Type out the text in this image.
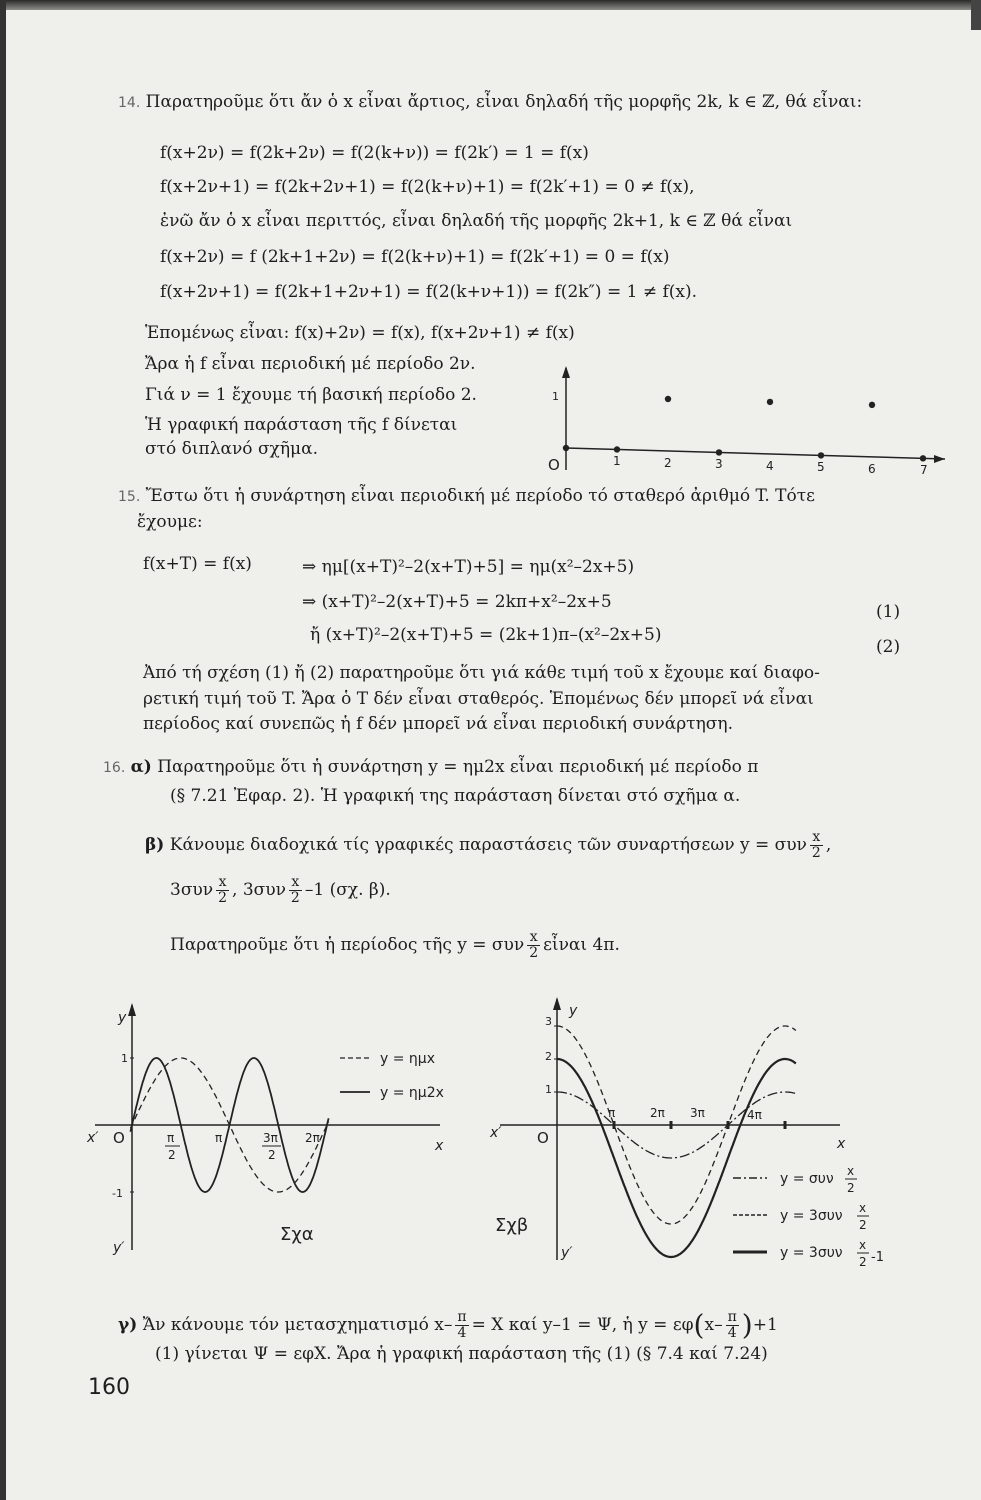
14. Παρατηροῦμε ὅτι ἄν ὁ x εἶναι ἄρτιος, εἶναι δηλαδή τῆς μορφῆς 2k, k ∈ ℤ, θά εἶναι:
f(x+2ν) = f(2k+2ν) = f(2(k+ν)) = f(2k′) = 1 = f(x)
f(x+2ν+1) = f(2k+2ν+1) = f(2(k+ν)+1) = f(2k′+1) = 0 ≠ f(x),
ἐνῶ ἄν ὁ x εἶναι περιττός, εἶναι δηλαδή τῆς μορφῆς 2k+1, k ∈ ℤ θά εἶναι
f(x+2ν) = f (2k+1+2ν) = f(2(k+ν)+1) = f(2k′+1) = 0 = f(x)
f(x+2ν+1) = f(2k+1+2ν+1) = f(2(k+ν+1)) = f(2k″) = 1 ≠ f(x).
Ἑπομένως εἶναι: f(x)+2ν) = f(x), f(x+2ν+1) ≠ f(x)
Ἄρα ἡ f εἶναι περιοδική μέ περίοδο 2ν.
Γιά ν = 1 ἔχουμε τή βασική περίοδο 2.
Ἡ γραφική παράσταση τῆς f δίνεται
στό διπλανό σχῆμα.
O
1
1	2	3	4	5	6	7
15. Ἔστω ὅτι ἡ συνάρτηση εἶναι περιοδική μέ περίοδο τό σταθερό ἀριθμό T. Τότε
ἔχουμε:
f(x+T) = f(x)	⇒ ημ[(x+T)²–2(x+T)+5] = ημ(x²–2x+5)
⇒ (x+T)²–2(x+T)+5 = 2kπ+x²–2x+5	(1)
ἤ (x+T)²–2(x+T)+5 = (2k+1)π–(x²–2x+5)
(2)
Ἀπό τή σχέση (1) ἤ (2) παρατηροῦμε ὅτι γιά κάθε τιμή τοῦ x ἔχουμε καί διαφο-
ρετική τιμή τοῦ T. Ἄρα ὁ T δέν εἶναι σταθερός. Ἑπομένως δέν μπορεῖ νά εἶναι
περίοδος καί συνεπῶς ἡ f δέν μπορεῖ νά εἶναι περιοδική συνάρτηση.
16. α) Παρατηροῦμε ὅτι ἡ συνάρτηση y = ημ2x εἶναι περιοδική μέ περίοδο π
(§ 7.21 Ἐφαρ. 2). Ἡ γραφική της παράσταση δίνεται στό σχῆμα α.
β) Κάνουμε διαδοχικά τίς γραφικές παραστάσεις τῶν συναρτήσεων y = συν $\frac{x}{2}$ ,
$3\sigma\upsilon\nu \frac{x}{2}$ , $3\sigma\upsilon\nu \frac{x}{2} -1$ (σχ. β).
Παρατηροῦμε ὅτι ἡ περίοδος τῆς y = συν $\frac{x}{2}$ εἶναι 4π.
y
y′
x′	x
O
1
-1
π
2
π	3π
2
2π
y = ημx
y = ημ2x
Σχα
y
y′
x′
x
O
3
2
1
π	2π 3π	4π
y = συν x
2
y = 3συν x
2
y = 3συν x
2 -1
Σχβ
γ) Ἄν κάνουμε τόν μετασχηματισμό $x- \frac{\pi}{4} = X$ καί y–1 = Ψ, ἡ $y = \varepsilon\varphi(x- \frac{\pi}{4} )+1$
(1) γίνεται Ψ = εφX. Ἄρα ἡ γραφική παράσταση τῆς (1) (§ 7.4 καί 7.24)
160
